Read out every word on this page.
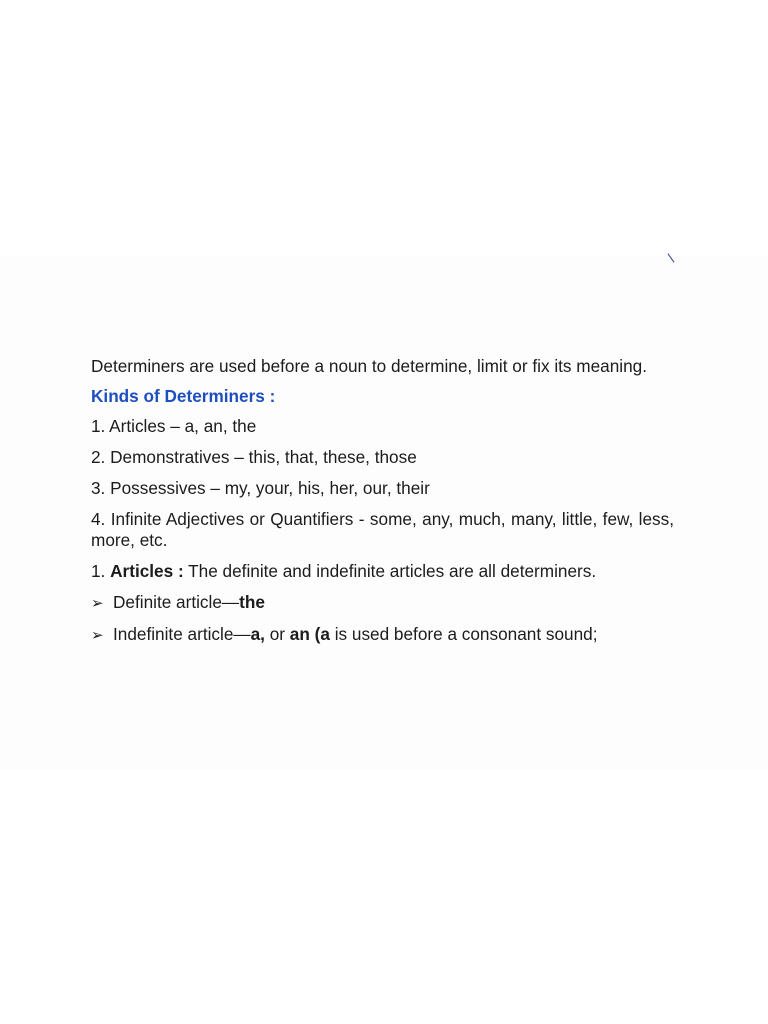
\

Determiners are used before a noun to determine, limit or fix its meaning.

Kinds of Determiners :
1. Articles – a, an, the
2. Demonstratives – this, that, these, those
3. Possessives – my, your, his, her, our, their
4. Infinite Adjectives or Quantifiers - some, any, much, many, little, few, less, more, etc.
1. Articles : The definite and indefinite articles are all determiners.
➢ Definite article—the
➢ Indefinite article—a, or an (a is used before a consonant sound;
